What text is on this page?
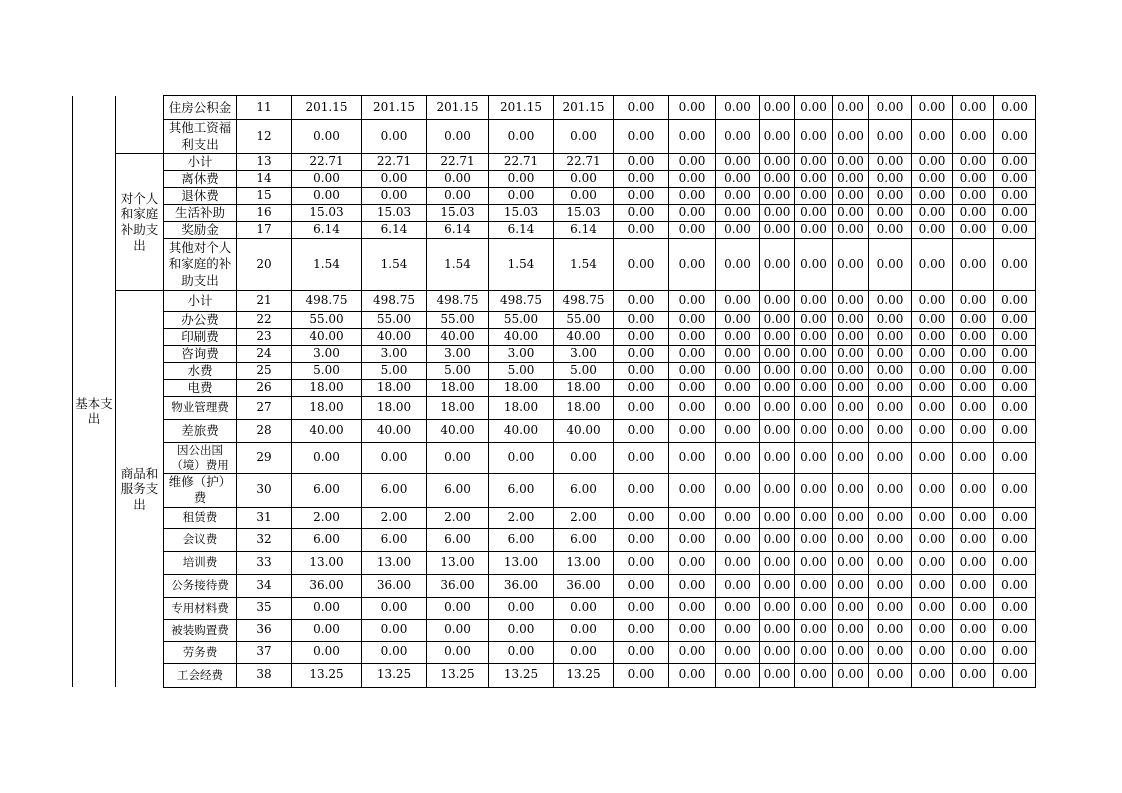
基本支出		住房公积金	11	201.15	201.15	201.15	201.15	201.15	0.00	0.00	0.00	0.00	0.00	0.00	0.00	0.00	0.00	0.00
		其他工资福利支出	12	0.00	0.00	0.00	0.00	0.00	0.00	0.00	0.00	0.00	0.00	0.00	0.00	0.00	0.00	0.00
	对个人和家庭补助支出	小计	13	22.71	22.71	22.71	22.71	22.71	0.00	0.00	0.00	0.00	0.00	0.00	0.00	0.00	0.00	0.00
		离休费	14	0.00	0.00	0.00	0.00	0.00	0.00	0.00	0.00	0.00	0.00	0.00	0.00	0.00	0.00	0.00
		退休费	15	0.00	0.00	0.00	0.00	0.00	0.00	0.00	0.00	0.00	0.00	0.00	0.00	0.00	0.00	0.00
		生活补助	16	15.03	15.03	15.03	15.03	15.03	0.00	0.00	0.00	0.00	0.00	0.00	0.00	0.00	0.00	0.00
		奖励金	17	6.14	6.14	6.14	6.14	6.14	0.00	0.00	0.00	0.00	0.00	0.00	0.00	0.00	0.00	0.00
		其他对个人和家庭的补助支出	20	1.54	1.54	1.54	1.54	1.54	0.00	0.00	0.00	0.00	0.00	0.00	0.00	0.00	0.00	0.00
	商品和服务支出	小计	21	498.75	498.75	498.75	498.75	498.75	0.00	0.00	0.00	0.00	0.00	0.00	0.00	0.00	0.00	0.00
		办公费	22	55.00	55.00	55.00	55.00	55.00	0.00	0.00	0.00	0.00	0.00	0.00	0.00	0.00	0.00	0.00
		印刷费	23	40.00	40.00	40.00	40.00	40.00	0.00	0.00	0.00	0.00	0.00	0.00	0.00	0.00	0.00	0.00
		咨询费	24	3.00	3.00	3.00	3.00	3.00	0.00	0.00	0.00	0.00	0.00	0.00	0.00	0.00	0.00	0.00
		水费	25	5.00	5.00	5.00	5.00	5.00	0.00	0.00	0.00	0.00	0.00	0.00	0.00	0.00	0.00	0.00
		电费	26	18.00	18.00	18.00	18.00	18.00	0.00	0.00	0.00	0.00	0.00	0.00	0.00	0.00	0.00	0.00
		物业管理费	27	18.00	18.00	18.00	18.00	18.00	0.00	0.00	0.00	0.00	0.00	0.00	0.00	0.00	0.00	0.00
		差旅费	28	40.00	40.00	40.00	40.00	40.00	0.00	0.00	0.00	0.00	0.00	0.00	0.00	0.00	0.00	0.00
		因公出国（境）费用	29	0.00	0.00	0.00	0.00	0.00	0.00	0.00	0.00	0.00	0.00	0.00	0.00	0.00	0.00	0.00
		维修（护）费	30	6.00	6.00	6.00	6.00	6.00	0.00	0.00	0.00	0.00	0.00	0.00	0.00	0.00	0.00	0.00
		租赁费	31	2.00	2.00	2.00	2.00	2.00	0.00	0.00	0.00	0.00	0.00	0.00	0.00	0.00	0.00	0.00
		会议费	32	6.00	6.00	6.00	6.00	6.00	0.00	0.00	0.00	0.00	0.00	0.00	0.00	0.00	0.00	0.00
		培训费	33	13.00	13.00	13.00	13.00	13.00	0.00	0.00	0.00	0.00	0.00	0.00	0.00	0.00	0.00	0.00
		公务接待费	34	36.00	36.00	36.00	36.00	36.00	0.00	0.00	0.00	0.00	0.00	0.00	0.00	0.00	0.00	0.00
		专用材料费	35	0.00	0.00	0.00	0.00	0.00	0.00	0.00	0.00	0.00	0.00	0.00	0.00	0.00	0.00	0.00
		被装购置费	36	0.00	0.00	0.00	0.00	0.00	0.00	0.00	0.00	0.00	0.00	0.00	0.00	0.00	0.00	0.00
		劳务费	37	0.00	0.00	0.00	0.00	0.00	0.00	0.00	0.00	0.00	0.00	0.00	0.00	0.00	0.00	0.00
		工会经费	38	13.25	13.25	13.25	13.25	13.25	0.00	0.00	0.00	0.00	0.00	0.00	0.00	0.00	0.00	0.00
